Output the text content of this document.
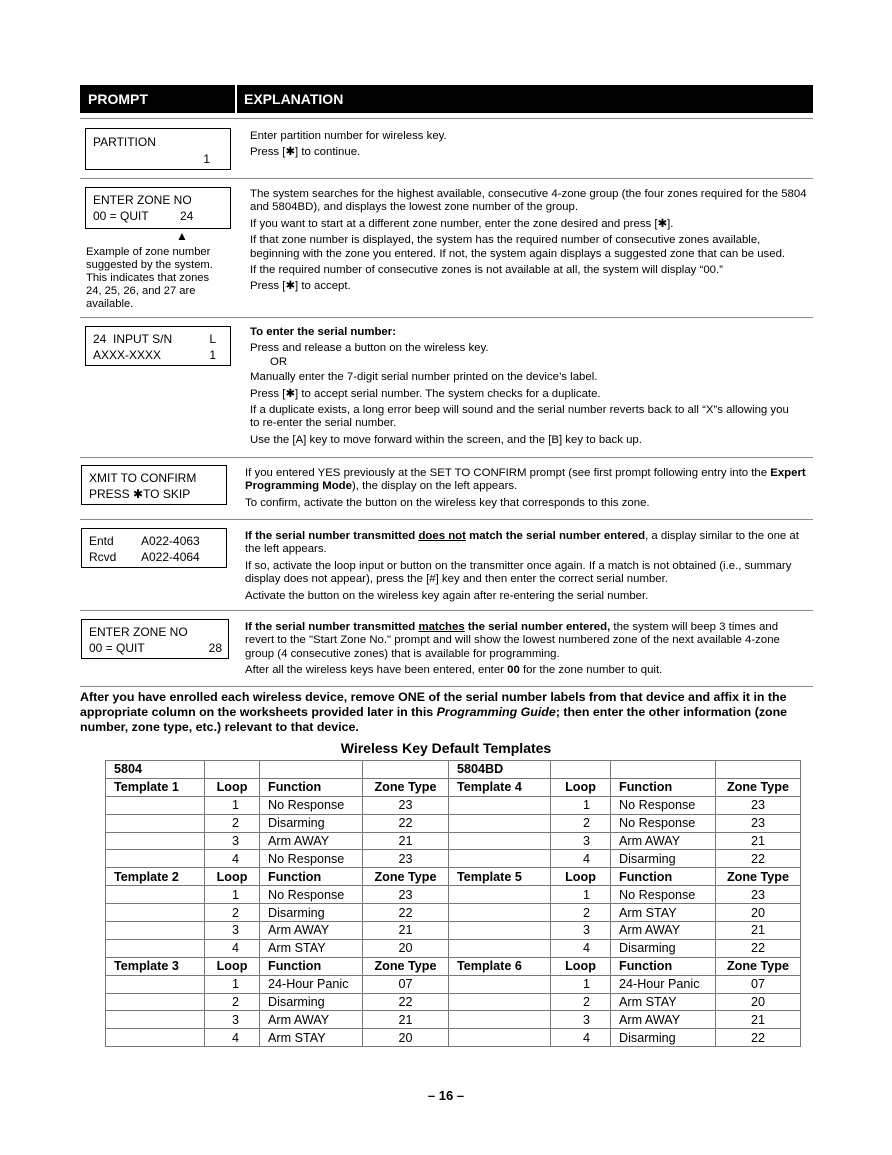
PROMPT	EXPLANATION
PARTITION
1

Enter partition number for wireless key.

Press [✱] to continue.

ENTER ZONE NO
00 = QUIT	24
▲
Example of zone number suggested by the system. This indicates that zones 24, 25, 26, and 27 are available.

The system searches for the highest available, consecutive 4-zone group (the four zones required for the 5804 and 5804BD), and displays the lowest zone number of the group.

If you want to start at a different zone number, enter the zone desired and press [✱].

If that zone number is displayed, the system has the required number of consecutive zones available, beginning with the zone you entered. If not, the system again displays a suggested zone that can be used.

If the required number of consecutive zones is not available at all, the system will display “00.”

Press [✱] to accept.

24  INPUT S/N	L
AXXX-XXXX	1

To enter the serial number:

Press and release a button on the wireless key.

OR

Manually enter the 7-digit serial number printed on the device’s label.

Press [✱] to accept serial number. The system checks for a duplicate.

If a duplicate exists, a long error beep will sound and the serial number reverts back to all “X”s allowing you to re-enter the serial number.

Use the [A] key to move forward within the screen, and the [B] key to back up.

XMIT TO CONFIRM
PRESS ✱TO SKIP

If you entered YES previously at the SET TO CONFIRM prompt (see first prompt following entry into the Expert Programming Mode), the display on the left appears.

To confirm, activate the button on the wireless key that corresponds to this zone.

Entd A022-4063
Rcvd A022-4064

If the serial number transmitted does not match the serial number entered, a display similar to the one at the left appears.

If so, activate the loop input or button on the transmitter once again. If a match is not obtained (i.e., summary display does not appear), press the [#] key and then enter the correct serial number.

Activate the button on the wireless key again after re-entering the serial number.

ENTER ZONE NO
00 = QUIT	28

If the serial number transmitted matches the serial number entered, the system will beep 3 times and revert to the "Start Zone No." prompt and will show the lowest numbered zone of the next available 4-zone group (4 consecutive zones) that is available for programming.

After all the wireless keys have been entered, enter 00 for the zone number to quit.

After you have enrolled each wireless device, remove ONE of the serial number labels from that device and affix it in the appropriate column on the worksheets provided later in this Programming Guide; then enter the other information (zone number, zone type, etc.) relevant to that device.
Wireless Key Default Templates
5804				5804BD			
Template 1	Loop	Function	Zone Type	Template 4	Loop	Function	Zone Type
	1	No Response	23		1	No Response	23
	2	Disarming	22		2	No Response	23
	3	Arm AWAY	21		3	Arm AWAY	21
	4	No Response	23		4	Disarming	22
Template 2	Loop	Function	Zone Type	Template 5	Loop	Function	Zone Type
	1	No Response	23		1	No Response	23
	2	Disarming	22		2	Arm STAY	20
	3	Arm AWAY	21		3	Arm AWAY	21
	4	Arm STAY	20		4	Disarming	22
Template 3	Loop	Function	Zone Type	Template 6	Loop	Function	Zone Type
	1	24-Hour Panic	07		1	24-Hour Panic	07
	2	Disarming	22		2	Arm STAY	20
	3	Arm AWAY	21		3	Arm AWAY	21
	4	Arm STAY	20		4	Disarming	22
– 16 –
